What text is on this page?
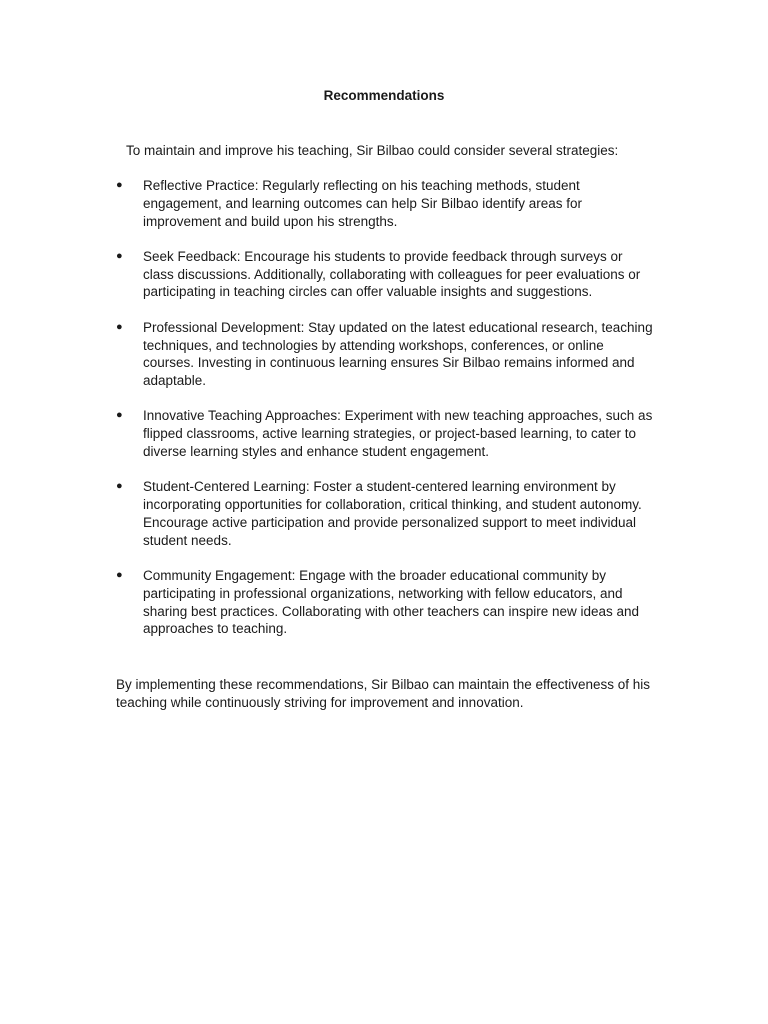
Recommendations

To maintain and improve his teaching, Sir Bilbao could consider several strategies:

● Reflective Practice: Regularly reflecting on his teaching methods, student engagement, and learning outcomes can help Sir Bilbao identify areas for improvement and build upon his strengths.
● Seek Feedback: Encourage his students to provide feedback through surveys or class discussions. Additionally, collaborating with colleagues for peer evaluations or participating in teaching circles can offer valuable insights and suggestions.
● Professional Development: Stay updated on the latest educational research, teaching techniques, and technologies by attending workshops, conferences, or online courses. Investing in continuous learning ensures Sir Bilbao remains informed and adaptable.
● Innovative Teaching Approaches: Experiment with new teaching approaches, such as flipped classrooms, active learning strategies, or project-based learning, to cater to diverse learning styles and enhance student engagement.
● Student-Centered Learning: Foster a student-centered learning environment by incorporating opportunities for collaboration, critical thinking, and student autonomy. Encourage active participation and provide personalized support to meet individual student needs.
● Community Engagement: Engage with the broader educational community by participating in professional organizations, networking with fellow educators, and sharing best practices. Collaborating with other teachers can inspire new ideas and approaches to teaching.

By implementing these recommendations, Sir Bilbao can maintain the effectiveness of his teaching while continuously striving for improvement and innovation.
